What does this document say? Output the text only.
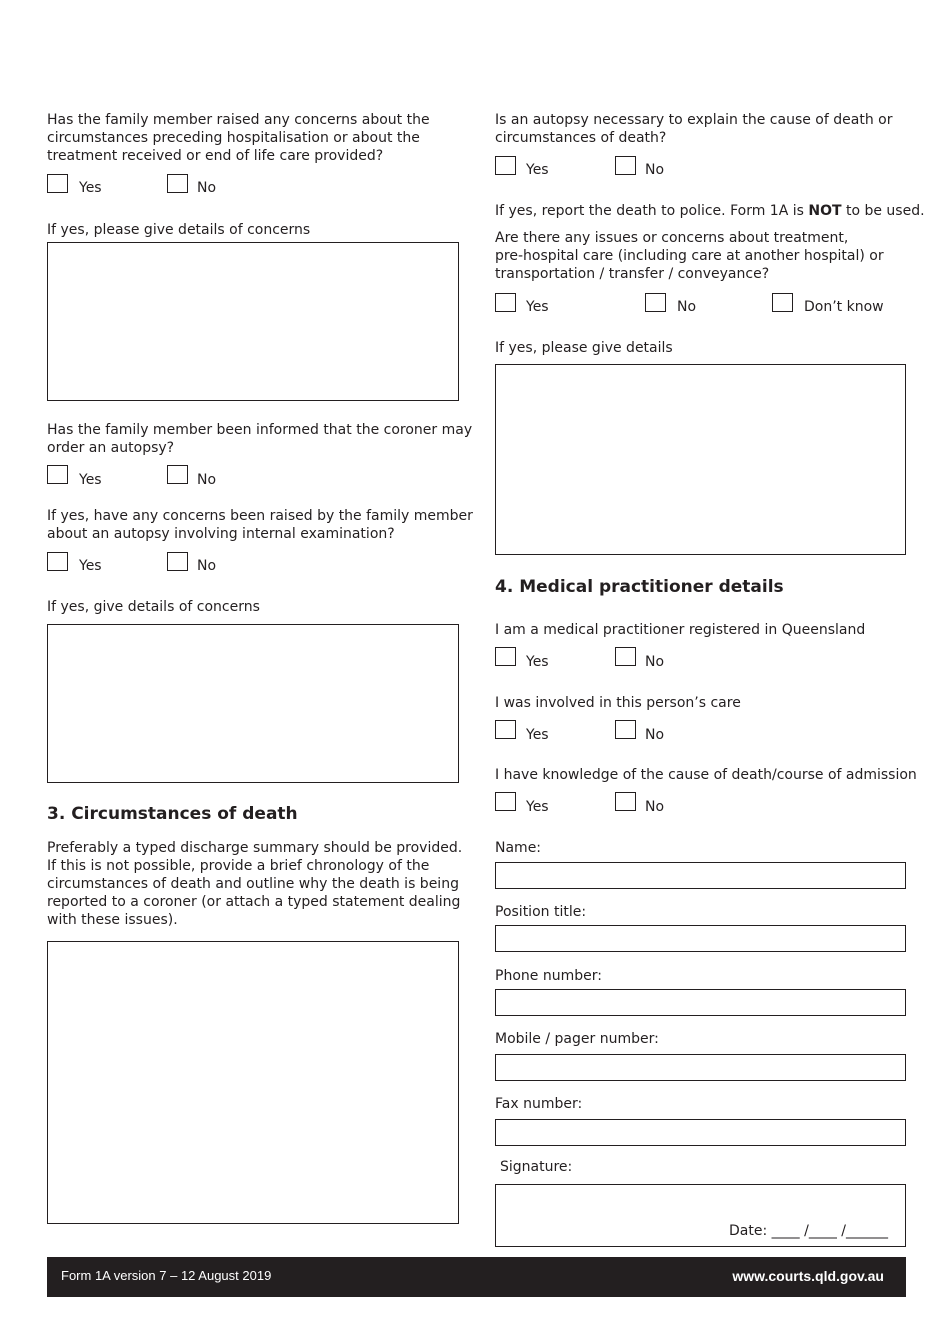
Has the family member raised any concerns about the
circumstances preceding hospitalisation or about the
treatment received or end of life care provided?
Yes	No
If yes, please give details of concerns
Has the family member been informed that the coroner may
order an autopsy?
Yes	No
If yes, have any concerns been raised by the family member
about an autopsy involving internal examination?
Yes	No
If yes, give details of concerns
3. Circumstances of death
Preferably a typed discharge summary should be provided.
If this is not possible, provide a brief chronology of the
circumstances of death and outline why the death is being
reported to a coroner (or attach a typed statement dealing
with these issues).
Is an autopsy necessary to explain the cause of death or
circumstances of death?
Yes	No
If yes, report the death to police. Form 1A is NOT to be used.
Are there any issues or concerns about treatment,
pre-hospital care (including care at another hospital) or
transportation / transfer / conveyance?
Yes	No	Don’t know
If yes, please give details
4. Medical practitioner details
I am a medical practitioner registered in Queensland
Yes	No
I was involved in this person’s care
Yes	No
I have knowledge of the cause of death/course of admission
Yes	No
Name:
Position title:
Phone number:
Mobile / pager number:
Fax number:
Signature:
Date: ____ /____ /______
Form 1A version 7 – 12 August 2019	www.courts.qld.gov.au
